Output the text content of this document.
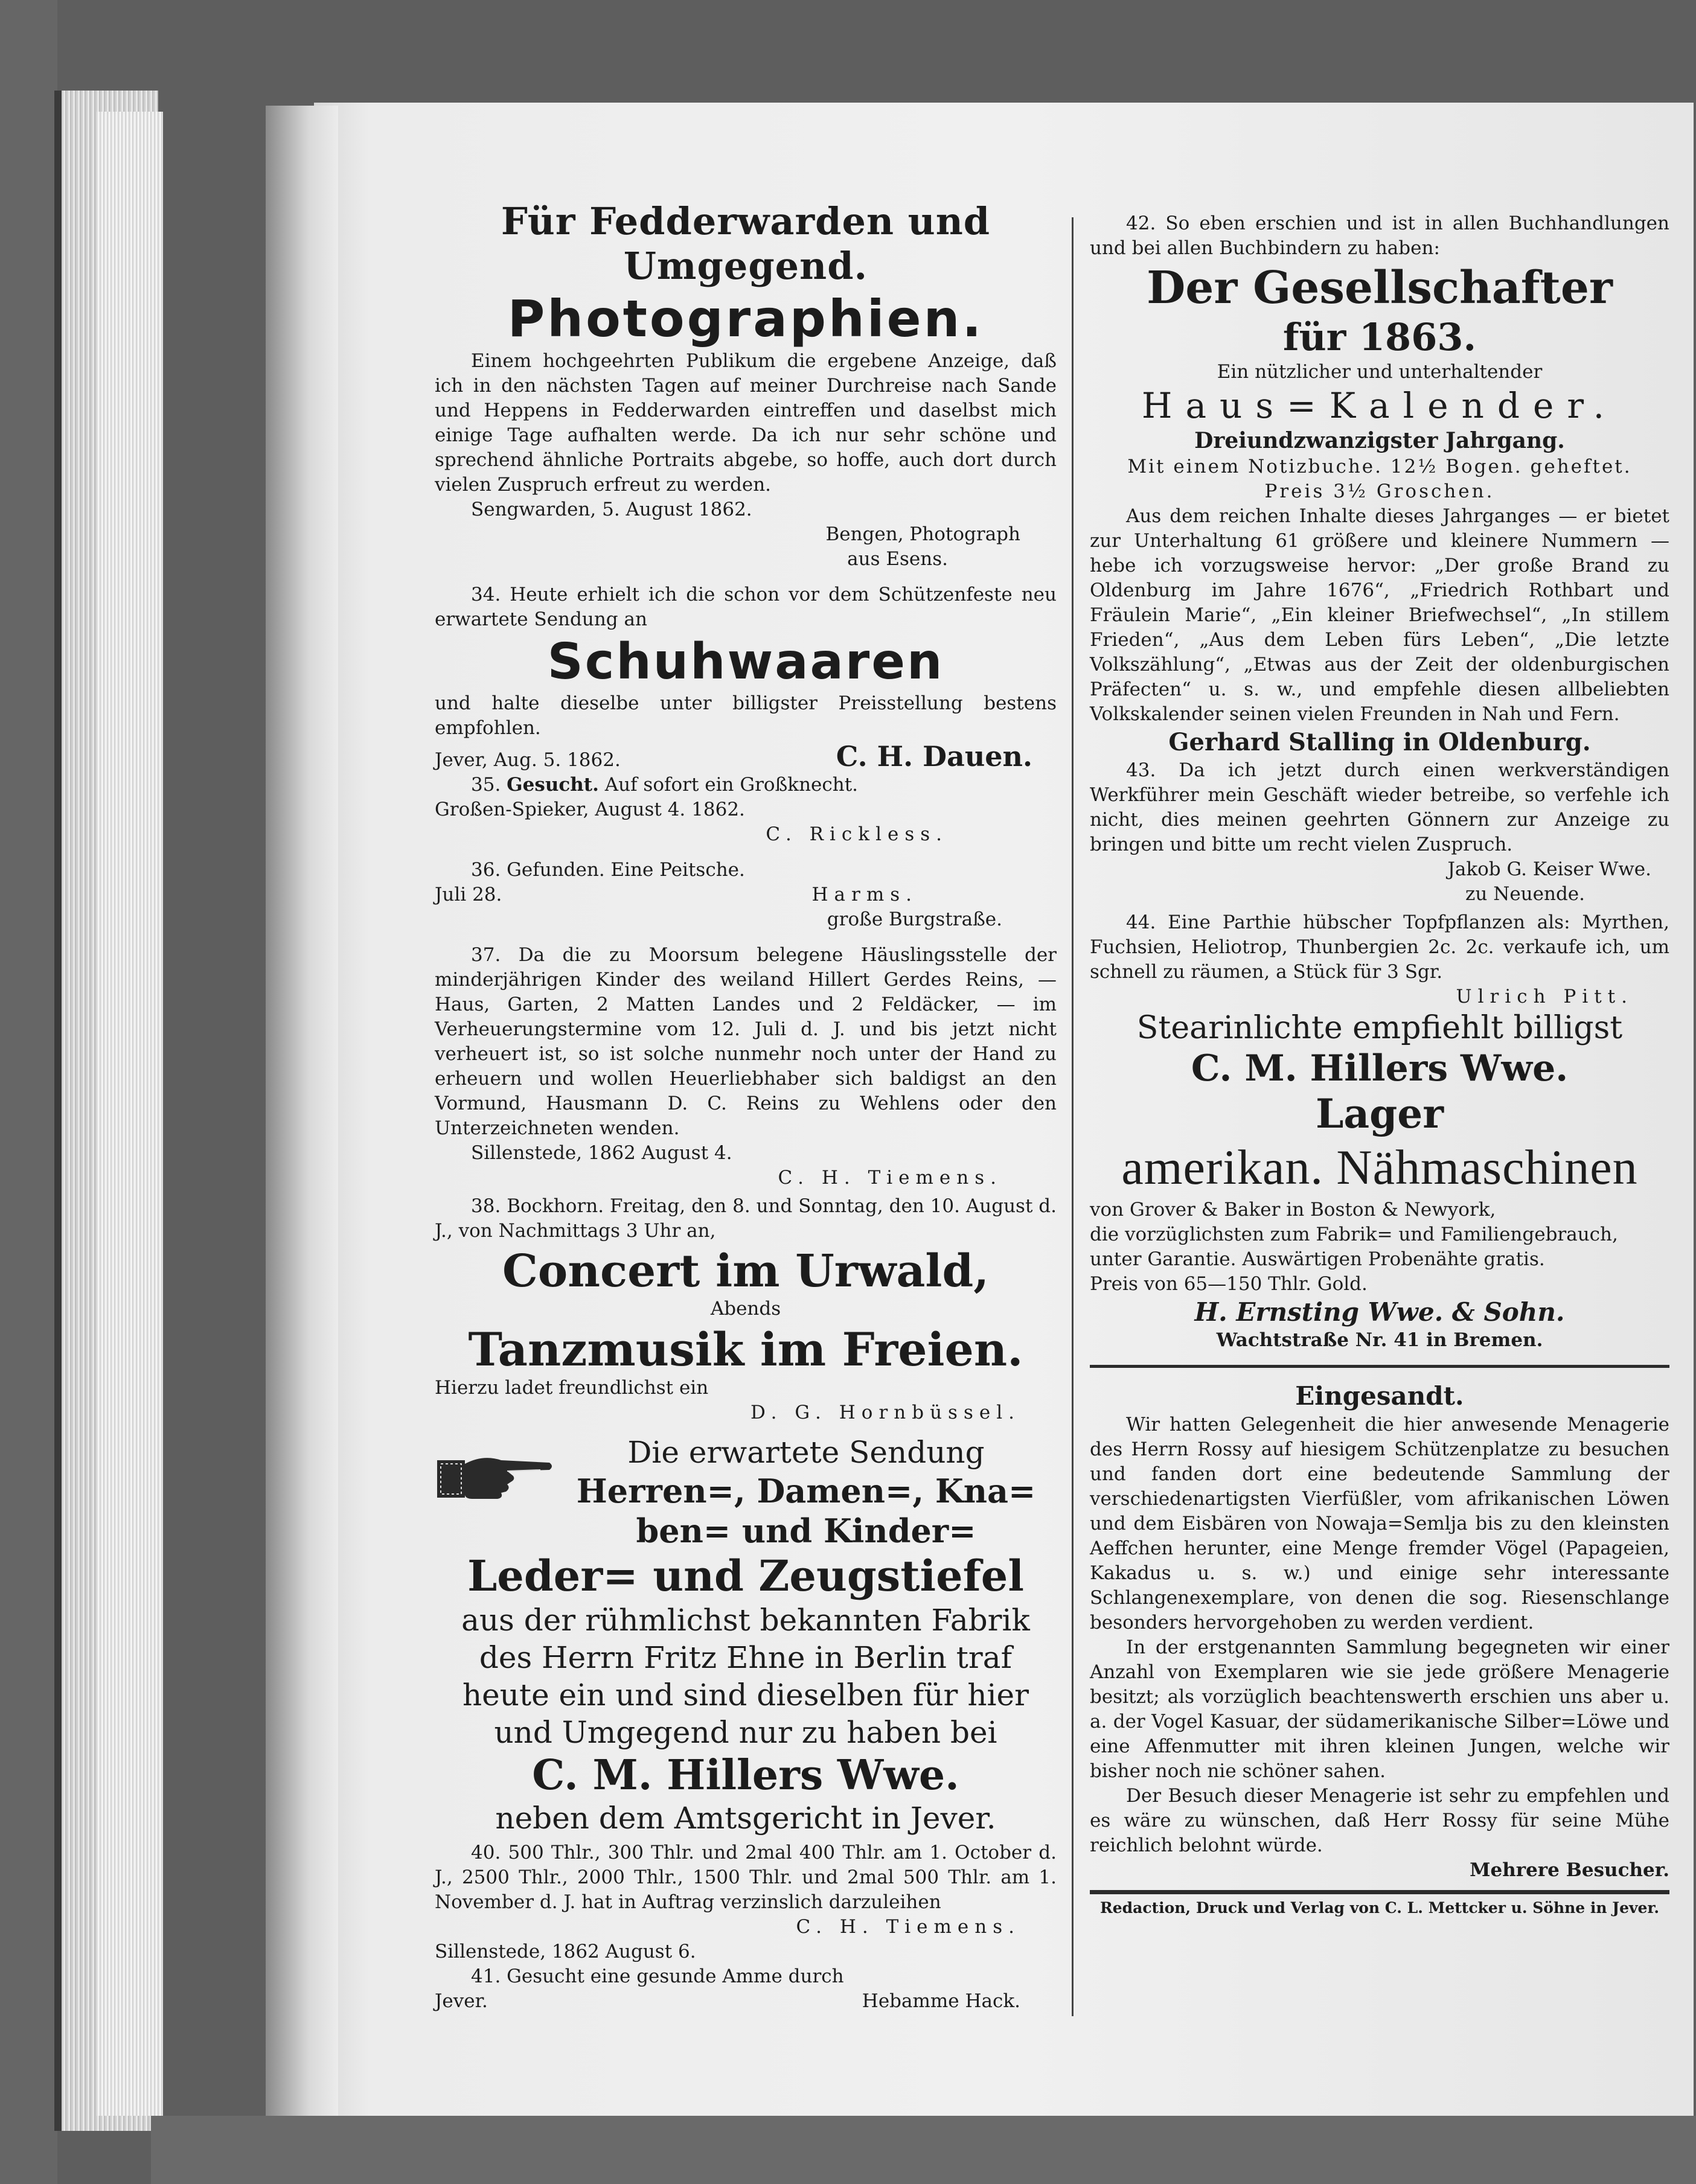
Für Fedderwarden und Umgegend.

Photographien.

Einem hochgeehrten Publikum die ergebene Anzeige, daß ich in den nächsten Tagen auf meiner Durchreise nach Sande und Heppens in Fedderwarden eintreffen und daselbst mich einige Tage aufhalten werde. Da ich nur sehr schöne und sprechend ähnliche Portraits abgebe, so hoffe, auch dort durch vielen Zuspruch erfreut zu werden.

Sengwarden, 5. August 1862.

Bengen, Photograph

aus Esens.

34. Heute erhielt ich die schon vor dem Schützenfeste neu erwartete Sendung an

Schuhwaaren

und halte dieselbe unter billigster Preisstellung bestens empfohlen.

Jever, Aug. 5. 1862.	C. H. Dauen.

35. Gesucht. Auf sofort ein Großknecht.

Großen-Spieker, August 4. 1862.

C. Rickless.

36. Gefunden. Eine Peitsche.

Juli 28.	Harms.

große Burgstraße.

37. Da die zu Moorsum belegene Häuslingsstelle der minderjährigen Kinder des weiland Hillert Gerdes Reins, — Haus, Garten, 2 Matten Landes und 2 Feldäcker, — im Verheuerungstermine vom 12. Juli d. J. und bis jetzt nicht verheuert ist, so ist solche nunmehr noch unter der Hand zu erheuern und wollen Heuerliebhaber sich baldigst an den Vormund, Hausmann D. C. Reins zu Wehlens oder den Unterzeichneten wenden.

Sillenstede, 1862 August 4.

C. H. Tiemens.

38. Bockhorn. Freitag, den 8. und Sonntag, den 10. August d. J., von Nachmittags 3 Uhr an,

Concert im Urwald,

Abends

Tanzmusik im Freien.

Hierzu ladet freundlichst ein

D. G. Hornbüssel.

Die erwartete Sendung

Herren=, Damen=, Kna=

ben= und Kinder=

Leder= und Zeugstiefel

aus der rühmlichst bekannten Fabrik

des Herrn Fritz Ehne in Berlin traf

heute ein und sind dieselben für hier

und Umgegend nur zu haben bei

C. M. Hillers Wwe.

neben dem Amtsgericht in Jever.

40. 500 Thlr., 300 Thlr. und 2mal 400 Thlr. am 1. October d. J., 2500 Thlr., 2000 Thlr., 1500 Thlr. und 2mal 500 Thlr. am 1. November d. J. hat in Auftrag verzinslich darzuleihen

C. H. Tiemens.

Sillenstede, 1862 August 6.

41. Gesucht eine gesunde Amme durch

Jever.	Hebamme Hack.

42. So eben erschien und ist in allen Buchhandlungen und bei allen Buchbindern zu haben:

Der Gesellschafter

für 1863.

Ein nützlicher und unterhaltender

Haus=Kalender.

Dreiundzwanzigster Jahrgang.

Mit einem Notizbuche. 12½ Bogen. geheftet.

Preis 3½ Groschen.

Aus dem reichen Inhalte dieses Jahrganges — er bietet zur Unterhaltung 61 größere und kleinere Nummern — hebe ich vorzugsweise hervor: „Der große Brand zu Oldenburg im Jahre 1676“, „Friedrich Rothbart und Fräulein Marie“, „Ein kleiner Briefwechsel“, „In stillem Frieden“, „Aus dem Leben fürs Leben“, „Die letzte Volkszählung“, „Etwas aus der Zeit der oldenburgischen Präfecten“ u. s. w., und empfehle diesen allbeliebten Volkskalender seinen vielen Freunden in Nah und Fern.

Gerhard Stalling in Oldenburg.

43. Da ich jetzt durch einen werkverständigen Werkführer mein Geschäft wieder betreibe, so verfehle ich nicht, dies meinen geehrten Gönnern zur Anzeige zu bringen und bitte um recht vielen Zuspruch.

Jakob G. Keiser Wwe.

zu Neuende.

44. Eine Parthie hübscher Topfpflanzen als: Myrthen, Fuchsien, Heliotrop, Thunbergien 2c. 2c. verkaufe ich, um schnell zu räumen, a Stück für 3 Sgr.

Ulrich Pitt.

Stearinlichte empfiehlt billigst

C. M. Hillers Wwe.

Lager

amerikan. Nähmaschinen

von Grover & Baker in Boston & Newyork,

die vorzüglichsten zum Fabrik= und Familiengebrauch,

unter Garantie. Auswärtigen Probenähte gratis.

Preis von 65—150 Thlr. Gold.

H. Ernsting Wwe. & Sohn.

Wachtstraße Nr. 41 in Bremen.

Eingesandt.

Wir hatten Gelegenheit die hier anwesende Menagerie des Herrn Rossy auf hiesigem Schützenplatze zu besuchen und fanden dort eine bedeutende Sammlung der verschiedenartigsten Vierfüßler, vom afrikanischen Löwen und dem Eisbären von Nowaja=Semlja bis zu den kleinsten Aeffchen herunter, eine Menge fremder Vögel (Papageien, Kakadus u. s. w.) und einige sehr interessante Schlangenexemplare, von denen die sog. Riesenschlange besonders hervorgehoben zu werden verdient.

In der erstgenannten Sammlung begegneten wir einer Anzahl von Exemplaren wie sie jede größere Menagerie besitzt; als vorzüglich beachtenswerth erschien uns aber u. a. der Vogel Kasuar, der südamerikanische Silber=Löwe und eine Affenmutter mit ihren kleinen Jungen, welche wir bisher noch nie schöner sahen.

Der Besuch dieser Menagerie ist sehr zu empfehlen und es wäre zu wünschen, daß Herr Rossy für seine Mühe reichlich belohnt würde.

Mehrere Besucher.

Redaction, Druck und Verlag von C. L. Mettcker u. Söhne in Jever.
